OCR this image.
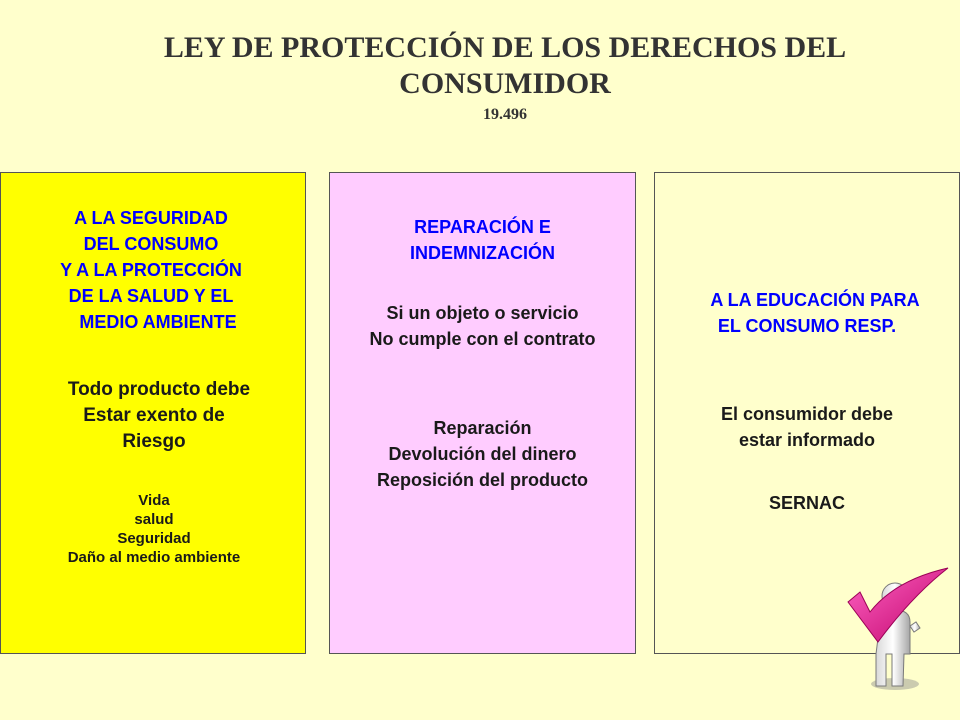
LEY DE PROTECCIÓN DE LOS DERECHOS DEL
CONSUMIDOR
19.496
A LA SEGURIDAD
DEL CONSUMO
Y A LA PROTECCIÓN
DE LA SALUD Y EL
MEDIO AMBIENTE
Todo producto debe
Estar exento de
Riesgo
Vida
salud
Seguridad
Daño al medio ambiente
REPARACIÓN E
INDEMNIZACIÓN
Si un objeto o servicio
No cumple con el contrato
Reparación
Devolución del dinero
Reposición del producto
A LA EDUCACIÓN PARA
EL CONSUMO RESP.
El consumidor debe
estar informado
SERNAC
